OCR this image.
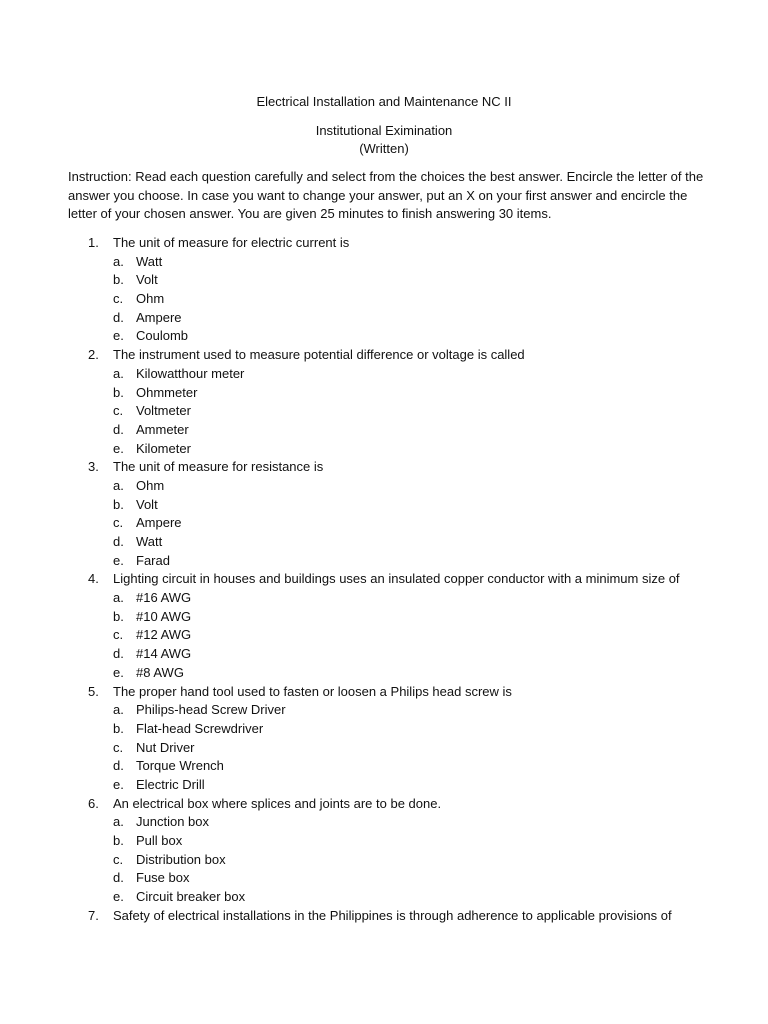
Electrical Installation and Maintenance NC II
Institutional Eximination
(Written)
Instruction: Read each question carefully and select from the choices the best answer. Encircle the letter of the answer you choose. In case you want to change your answer, put an X on your first answer and encircle the letter of your chosen answer. You are given 25 minutes to finish answering 30 items.
1. The unit of measure for electric current is
a. Watt
b. Volt
c. Ohm
d. Ampere
e. Coulomb
2. The instrument used to measure potential difference or voltage is called
a. Kilowatthour meter
b. Ohmmeter
c. Voltmeter
d. Ammeter
e. Kilometer
3. The unit of measure for resistance is
a. Ohm
b. Volt
c. Ampere
d. Watt
e. Farad
4. Lighting circuit in houses and buildings uses an insulated copper conductor with a minimum size of
a. #16 AWG
b. #10 AWG
c. #12 AWG
d. #14 AWG
e. #8 AWG
5. The proper hand tool used to fasten or loosen a Philips head screw is
a. Philips-head Screw Driver
b. Flat-head Screwdriver
c. Nut Driver
d. Torque Wrench
e. Electric Drill
6. An electrical box where splices and joints are to be done.
a. Junction box
b. Pull box
c. Distribution box
d. Fuse box
e. Circuit breaker box
7. Safety of electrical installations in the Philippines is through adherence to applicable provisions of
